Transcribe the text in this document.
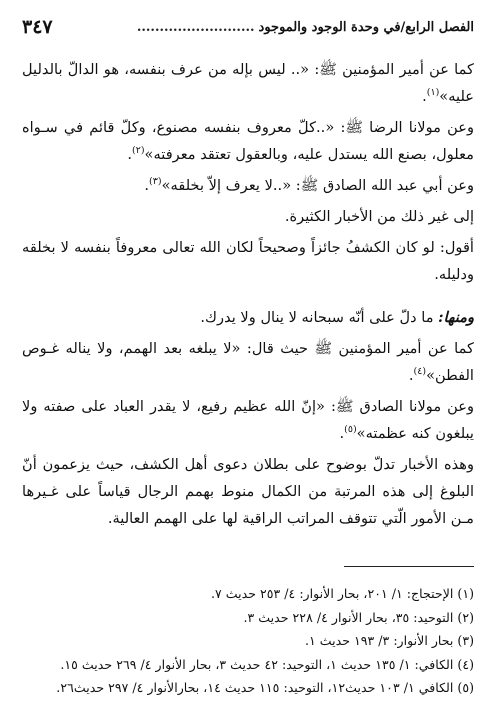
الفصل الرابع/في وحدة الوجود والموجود
..........................
٣٤٧

كما عن أمير المؤمنين ﷺ: «.. ليس بإله من عرف بنفسه، هو الدالّ بالدليل عليه»$^{(١)}$.

وعن مولانا الرضا ﷺ: «..كلّ معروف بنفسه مصنوع، وكلّ قائم في سـواه معلول، بصنع الله يستدل عليه، وبالعقول تعتقد معرفته»$^{(٢)}$.

وعن أبي عبد الله الصادق ﷺ: «..لا يعرف إلاّ بخلقه»$^{(٣)}$.

إلى غير ذلك من الأخبار الكثيرة.

أقول: لو كان الكشفُ جائزاً وصحيحاً لكان الله تعالى معروفاً بنفسه لا بخلقه ودليله.

ومنها: ما دلّ على أنّه سبحانه لا ينال ولا يدرك.

كما عن أمير المؤمنين ﷺ حيث قال: «لا يبلغه بعد الهمم، ولا يناله غـوص الفطن»$^{(٤)}$.

وعن مولانا الصادق ﷺ: «إنّ الله عظيم رفيع، لا يقدر العباد على صفته ولا يبلغون كنه عظمته»$^{(٥)}$.

وهذه الأخبار تدلّ بوضوح على بطلان دعوى أهل الكشف، حيث يزعمون أنّ البلوغ إلى هذه المرتبة من الكمال منوط بهمم الرجال قياساً على غـيرها مـن الأمور الّتي تتوقف المراتب الراقية لها على الهمم العالية.

(١) الإحتجاج: ١/ ٢٠١، بحار الأنوار: ٤/ ٢٥٣ حديث ٧.

(٢) التوحيد: ٣٥، بحار الأنوار ٤/ ٢٢٨ حديث ٣.

(٣) بحار الأنوار: ٣/ ١٩٣ حديث ١.

(٤) الكافي: ١/ ١٣٥ حديث ١، التوحيد: ٤٢ حديث ٣، بحار الأنوار ٤/ ٢٦٩ حديث ١٥.

(٥) الكافي ١/ ١٠٣ حديث١٢، التوحيد: ١١٥ حديث ١٤، بحارالأنوار ٤/ ٢٩٧ حديث٢٦.
